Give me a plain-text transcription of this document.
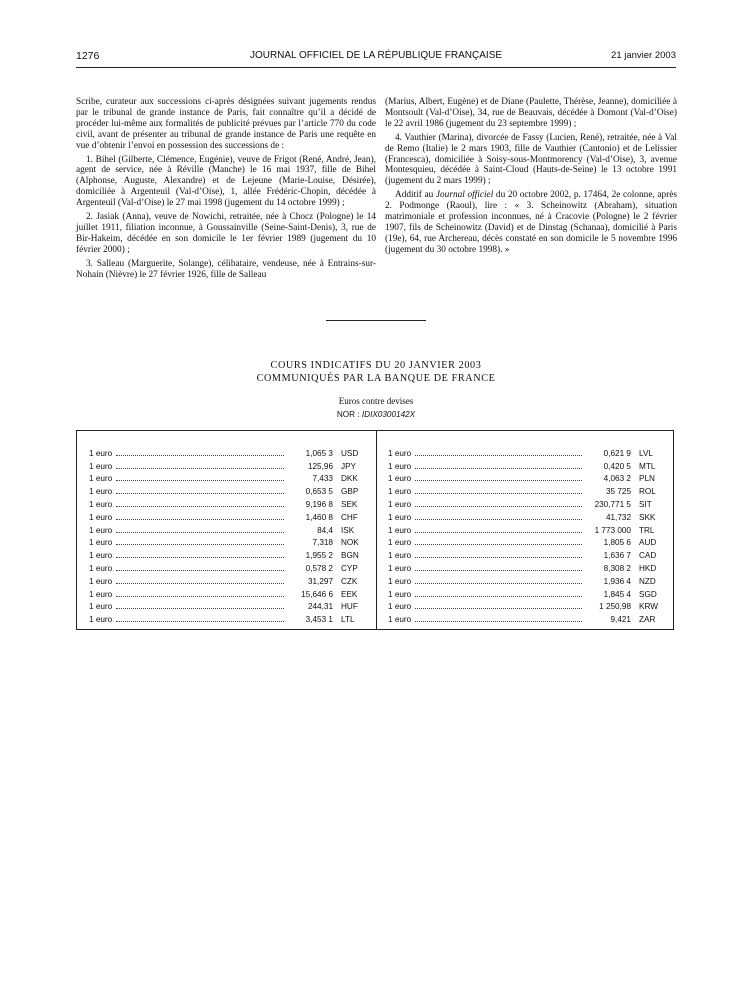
1276	JOURNAL OFFICIEL DE LA RÉPUBLIQUE FRANÇAISE	21 janvier 2003

Scribe, curateur aux successions ci-après désignées suivant jugements rendus par le tribunal de grande instance de Paris, fait connaître qu’il a décidé de procéder lui-même aux formalités de publicité prévues par l’article 770 du code civil, avant de présenter au tribunal de grande instance de Paris une requête en vue d’obtenir l’envoi en possession des successions de :

1. Bihel (Gilberte, Clémence, Eugénie), veuve de Frigot (René, André, Jean), agent de service, née à Réville (Manche) le 16 mai 1937, fille de Bihel (Alphonse, Auguste, Alexandre) et de Lejeune (Marie-Louise, Désirée), domiciliée à Argenteuil (Val-d’Oise), 1, allée Frédéric-Chopin, décédée à Argenteuil (Val-d’Oise) le 27 mai 1998 (jugement du 14 octobre 1999) ;

2. Jasiak (Anna), veuve de Nowichi, retraitée, née à Chocz (Pologne) le 14 juillet 1911, filiation inconnue, à Goussainville (Seine-Saint-Denis), 3, rue de Bir-Hakeim, décédée en son domicile le 1er février 1989 (jugement du 10 février 2000) ;

3. Salleau (Marguerite, Solange), célibataire, vendeuse, née à Entrains-sur-Nohain (Nièvre) le 27 février 1926, fille de Salleau

(Marius, Albert, Eugène) et de Diane (Paulette, Thérèse, Jeanne), domiciliée à Montsoult (Val-d’Oise), 34, rue de Beauvais, décédée à Domont (Val-d’Oise) le 22 avril 1986 (jugement du 23 septembre 1999) ;

4. Vauthier (Marina), divorcée de Fassy (Lucien, René), retraitée, née à Val de Remo (Italie) le 2 mars 1903, fille de Vauthier (Cantonio) et de Lelissier (Francesca), domiciliée à Soisy-sous-Montmorency (Val-d’Oise), 3, avenue Montesquieu, décédée à Saint-Cloud (Hauts-de-Seine) le 13 octobre 1991 (jugement du 2 mars 1999) ;

Additif au Journal officiel du 20 octobre 2002, p. 17464, 2e colonne, après 2. Podmonge (Raoul), lire : « 3. Scheinowitz (Abraham), situation matrimoniale et profession inconnues, né à Cracovie (Pologne) le 2 février 1907, fils de Scheinowitz (David) et de Dinstag (Schanaa), domicilié à Paris (19e), 64, rue Archereau, décès constaté en son domicile le 5 novembre 1996 (jugement du 30 octobre 1998). »

COURS INDICATIFS DU 20 JANVIER 2003
COMMUNIQUÉS PAR LA BANQUE DE FRANCE
Euros contre devises
NOR : IDIX0300142X
1 euro	1,065 3 USD
1 euro	125,96 JPY
1 euro	7,433 DKK
1 euro	0,653 5 GBP
1 euro	9,196 8 SEK
1 euro	1,460 8 CHF
1 euro	84,4 ISK
1 euro	7,318 NOK
1 euro	1,955 2 BGN
1 euro	0,578 2 CYP
1 euro	31,297 CZK
1 euro	15,646 6 EEK
1 euro	244,31 HUF
1 euro	3,453 1 LTL
1 euro	0,621 9 LVL
1 euro	0,420 5 MTL
1 euro	4,063 2 PLN
1 euro	35 725 ROL
1 euro	230,771 5 SIT
1 euro	41,732 SKK
1 euro	1 773 000 TRL
1 euro	1,805 6 AUD
1 euro	1,636 7 CAD
1 euro	8,308 2 HKD
1 euro	1,936 4 NZD
1 euro	1,845 4 SGD
1 euro	1 250,98 KRW
1 euro	9,421 ZAR
